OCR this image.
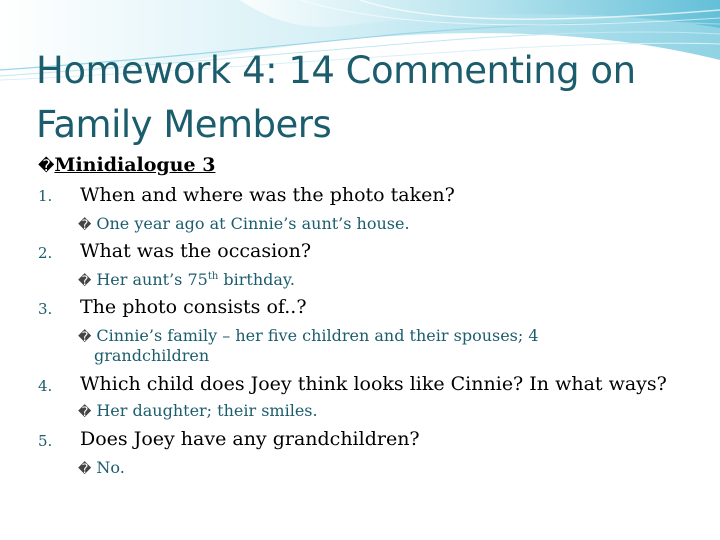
Homework 4: 14 Commenting on
Family Members
�Minidialogue 3
1. When and where was the photo taken?
� One year ago at Cinnie’s aunt’s house.
2. What was the occasion?
� Her aunt’s 75th birthday.
3. The photo consists of..?
� Cinnie’s family – her five children and their spouses; 4
grandchildren
4. Which child does Joey think looks like Cinnie? In what ways?
� Her daughter; their smiles.
5. Does Joey have any grandchildren?
� No.
